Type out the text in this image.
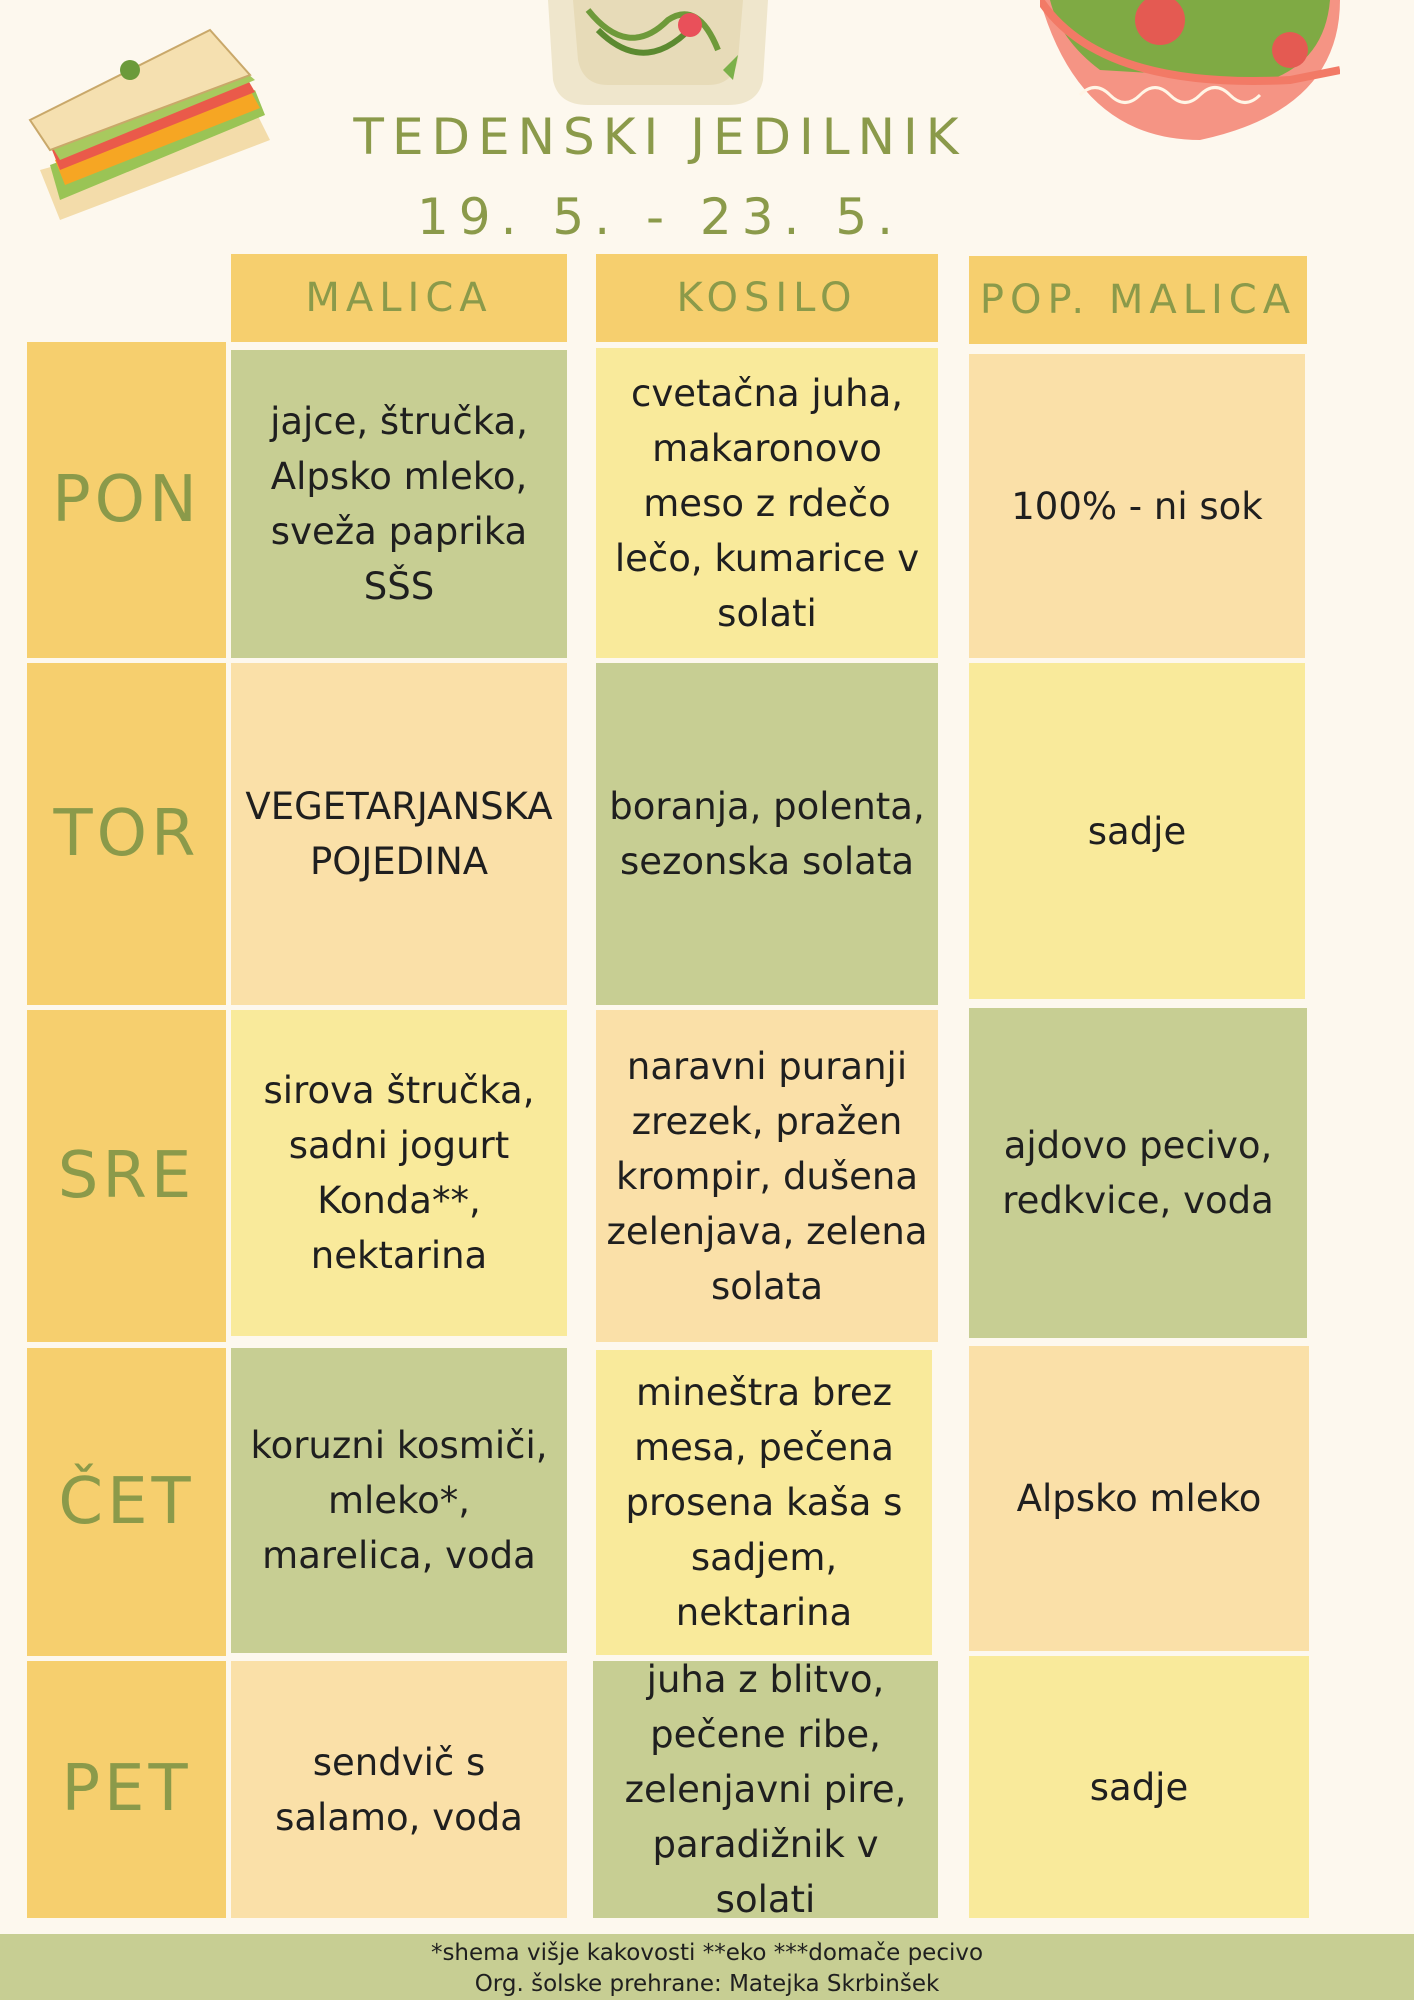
TEDENSKI JEDILNIK
19. 5. - 23. 5.
MALICA	KOSILO	POP. MALICA
PON
TOR
SRE
ČET
PET
jajce, štručka, Alpsko mleko, sveža paprika SŠS
cvetačna juha, makaronovo meso z rdečo lečo, kumarice v solati
100% - ni sok
VEGETARJANSKA POJEDINA
boranja, polenta, sezonska solata
sadje
sirova štručka, sadni jogurt Konda**, nektarina
naravni puranji zrezek, pražen krompir, dušena zelenjava, zelena solata
ajdovo pecivo, redkvice, voda
koruzni kosmiči, mleko*, marelica, voda
mineštra brez mesa, pečena prosena kaša s sadjem, nektarina
Alpsko mleko
sendvič s salamo, voda
juha z blitvo, pečene ribe, zelenjavni pire, paradižnik v solati
sadje
*shema višje kakovosti **eko ***domače pecivo
Org. šolske prehrane: Matejka Skrbinšek
